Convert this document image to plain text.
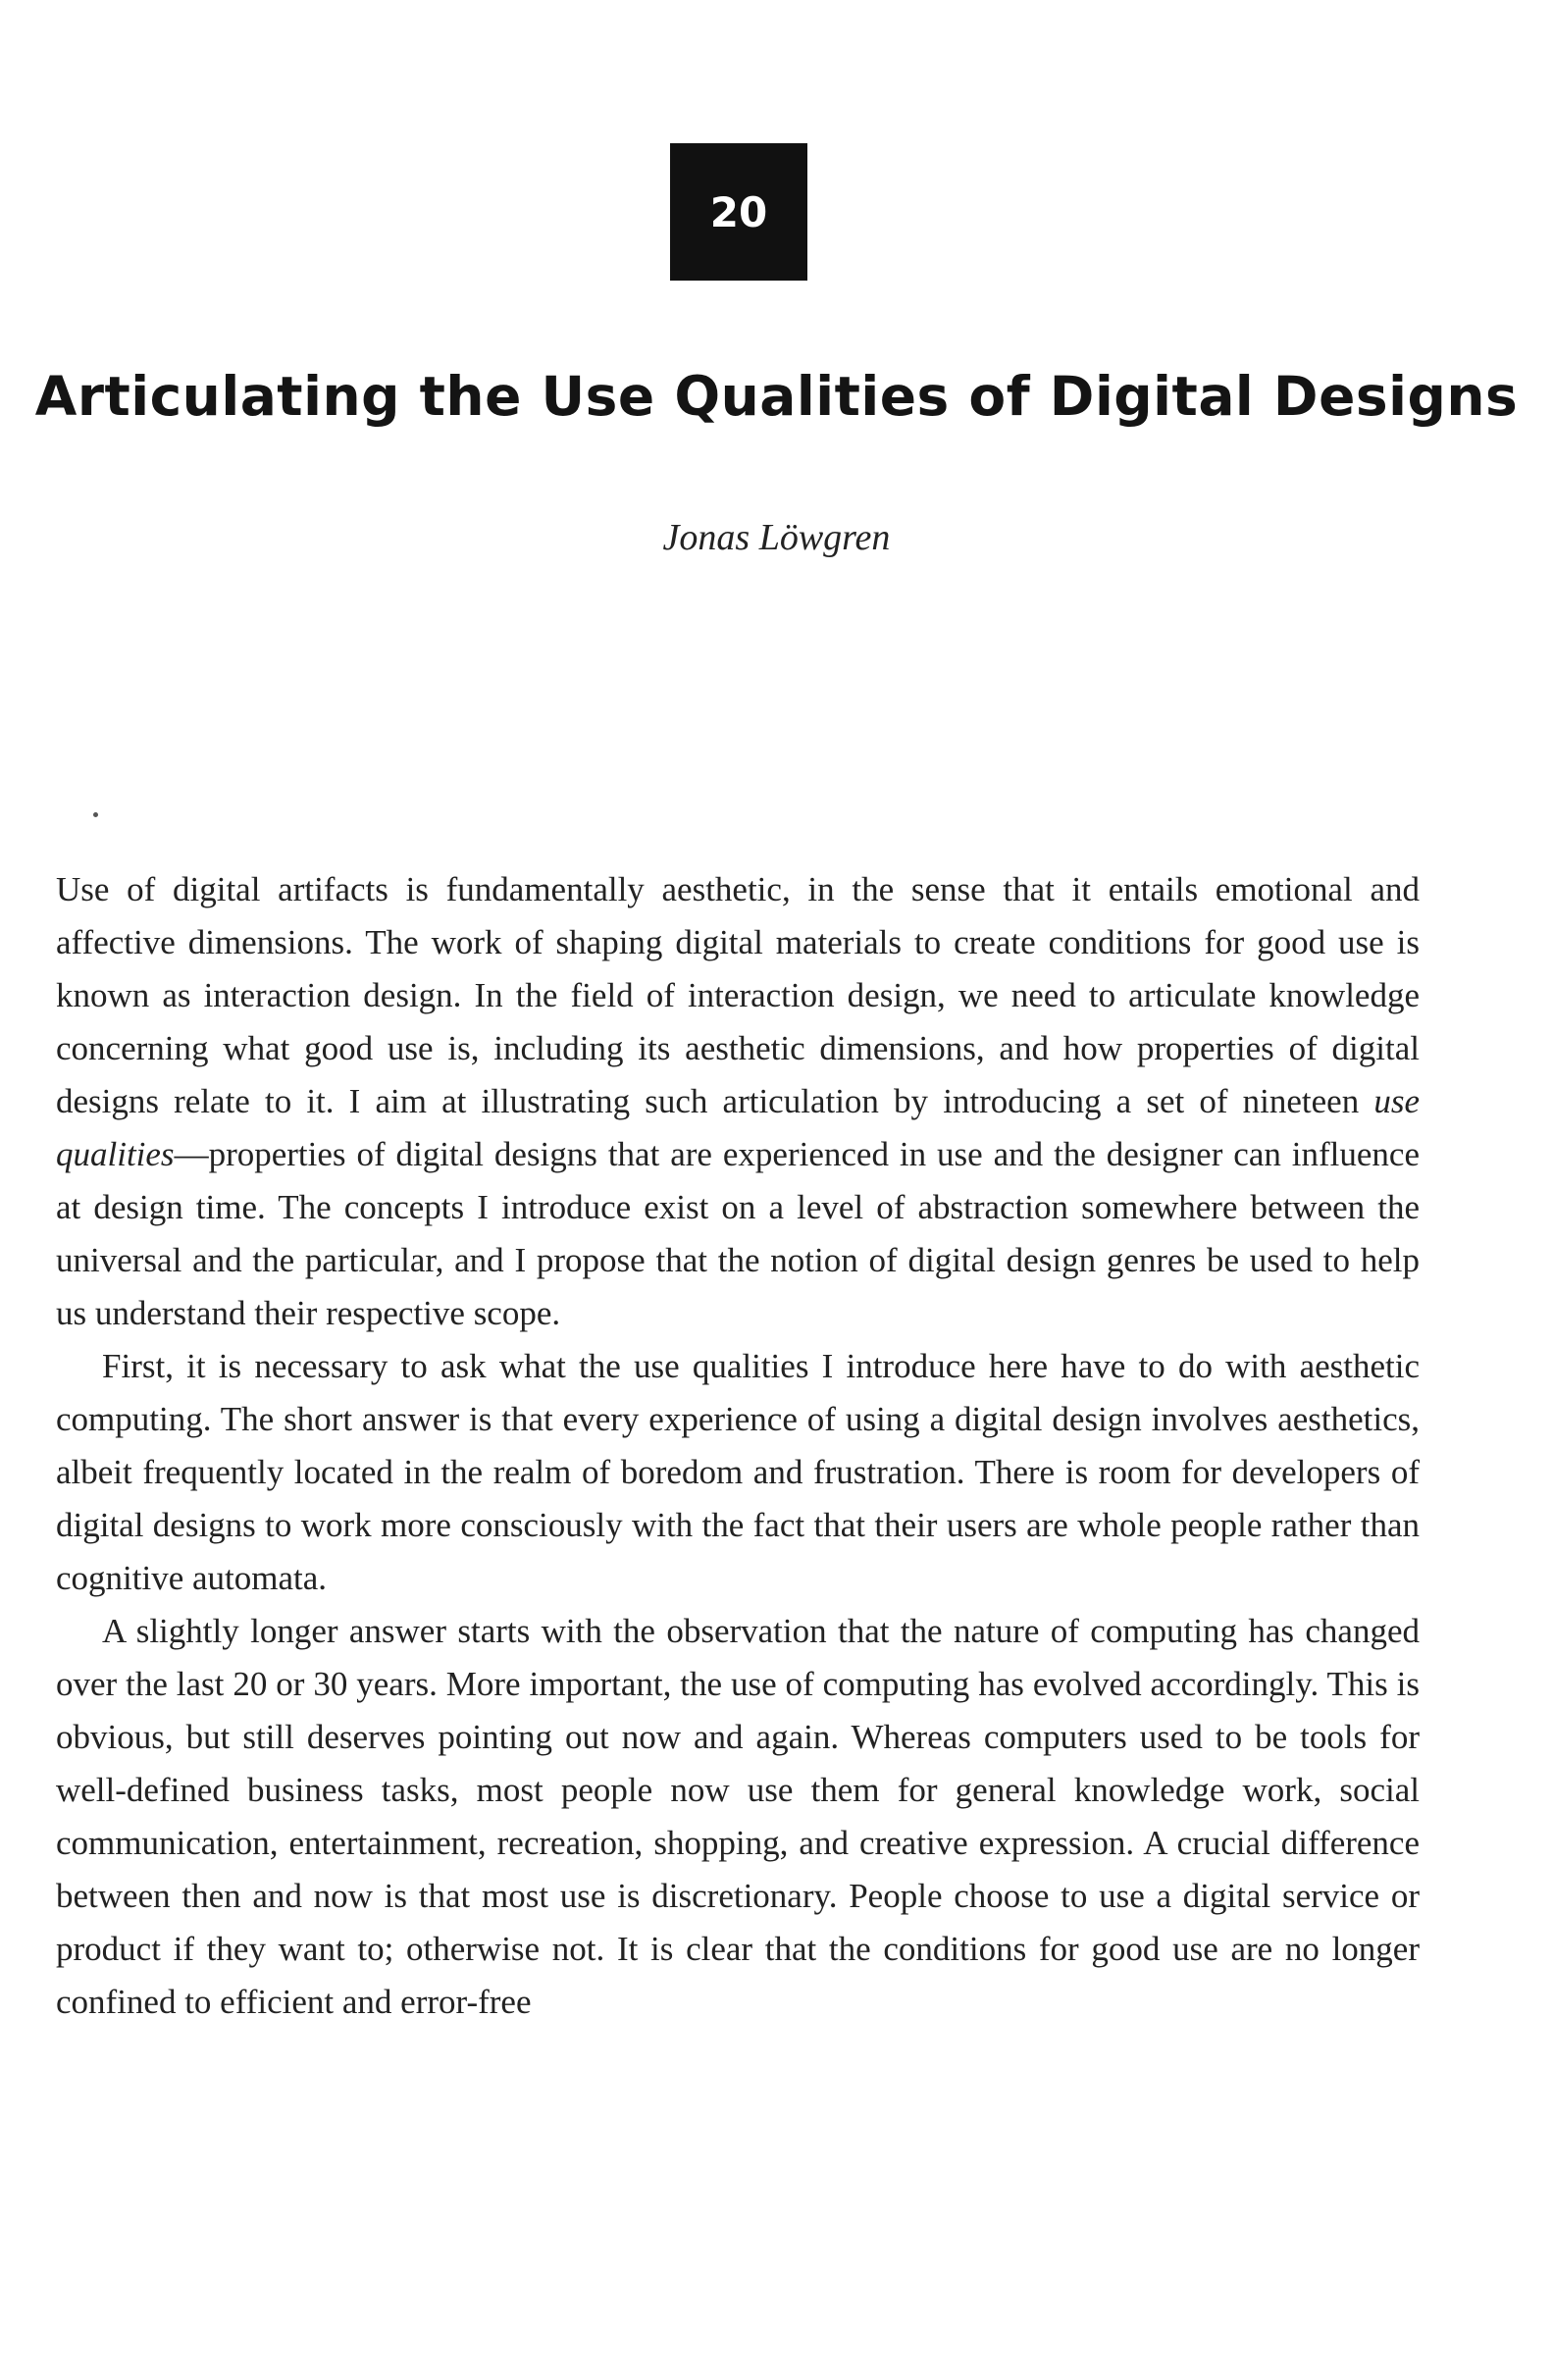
20
Articulating the Use Qualities of Digital Designs
Jonas Löwgren

Use of digital artifacts is fundamentally aesthetic, in the sense that it entails emotional and affective dimensions. The work of shaping digital materials to create conditions for good use is known as interaction design. In the field of interaction design, we need to articulate knowledge concerning what good use is, including its aesthetic dimensions, and how properties of digital designs relate to it. I aim at illustrating such articulation by introducing a set of nineteen use qualities—properties of digital designs that are experienced in use and the designer can influence at design time. The concepts I introduce exist on a level of abstraction somewhere between the universal and the particular, and I propose that the notion of digital design genres be used to help us understand their respective scope.

First, it is necessary to ask what the use qualities I introduce here have to do with aesthetic computing. The short answer is that every experience of using a digital design involves aesthetics, albeit frequently located in the realm of boredom and frustration. There is room for developers of digital designs to work more consciously with the fact that their users are whole people rather than cognitive automata.

A slightly longer answer starts with the observation that the nature of computing has changed over the last 20 or 30 years. More important, the use of computing has evolved accordingly. This is obvious, but still deserves pointing out now and again. Whereas computers used to be tools for well-defined business tasks, most people now use them for general knowledge work, social communication, entertainment, recreation, shopping, and creative expression. A crucial difference between then and now is that most use is discretionary. People choose to use a digital service or product if they want to; otherwise not. It is clear that the conditions for good use are no longer confined to efficient and error-free
